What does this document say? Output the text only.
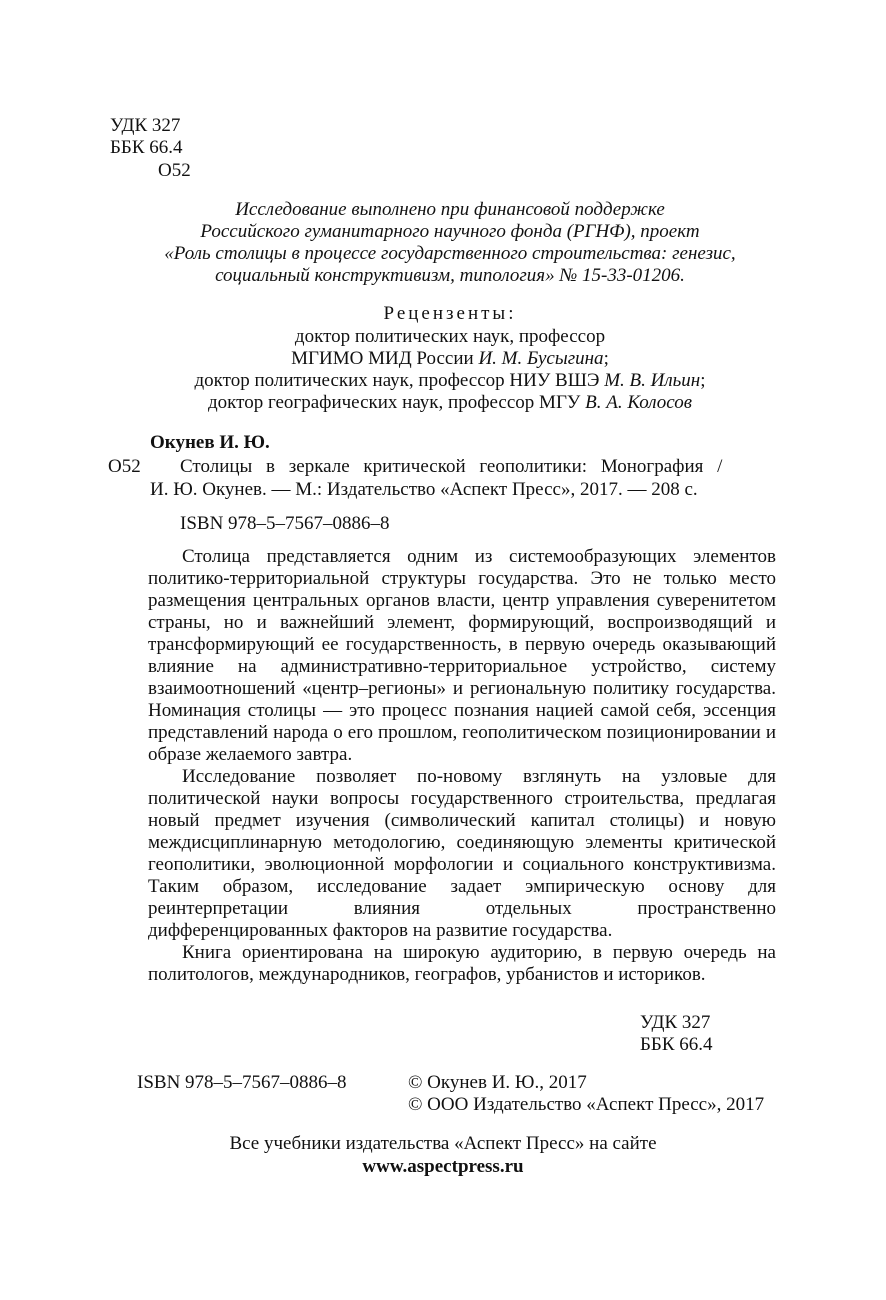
УДК 327
ББК 66.4
О52
Исследование выполнено при финансовой поддержке
Российского гуманитарного научного фонда (РГНФ), проект
«Роль столицы в процессе государственного строительства: генезис,
социальный конструктивизм, типология» № 15-33-01206.
Рецензенты:
доктор политических наук, профессор
МГИМО МИД России И. М. Бусыгина;
доктор политических наук, профессор НИУ ВШЭ М. В. Ильин;
доктор географических наук, профессор МГУ В. А. Колосов
Окунев И. Ю.
О52 Столицы в зеркале критической геополитики: Монография /
И. Ю. Окунев. — М.: Издательство «Аспект Пресс», 2017. — 208 с.
ISBN 978–5–7567–0886–8

Столица представляется одним из системообразующих элементов политико-территориальной структуры государства. Это не только место размещения центральных органов власти, центр управления суверенитетом страны, но и важнейший элемент, формирующий, воспроизводящий и трансформирующий ее государственность, в первую очередь оказывающий влияние на административно-территориальное устройство, систему взаимоотношений «центр–регионы» и региональную политику государства. Номинация столицы — это процесс познания нацией самой себя, эссенция представлений народа о его прошлом, геополитическом позиционировании и образе желаемого завтра.

Исследование позволяет по-новому взглянуть на узловые для политической науки вопросы государственного строительства, предлагая новый предмет изучения (символический капитал столицы) и новую междисциплинарную методологию, соединяющую элементы критической геополитики, эволюционной морфологии и социального конструктивизма. Таким образом, исследование задает эмпирическую основу для реинтерпретации влияния отдельных пространственно дифференцированных факторов на развитие государства.

Книга ориентирована на широкую аудиторию, в первую очередь на политологов, международников, географов, урбанистов и историков.

УДК 327
ББК 66.4
ISBN 978–5–7567–0886–8	© Окунев И. Ю., 2017
© ООО Издательство «Аспект Пресс», 2017
Все учебники издательства «Аспект Пресс» на сайте
www.aspectpress.ru
